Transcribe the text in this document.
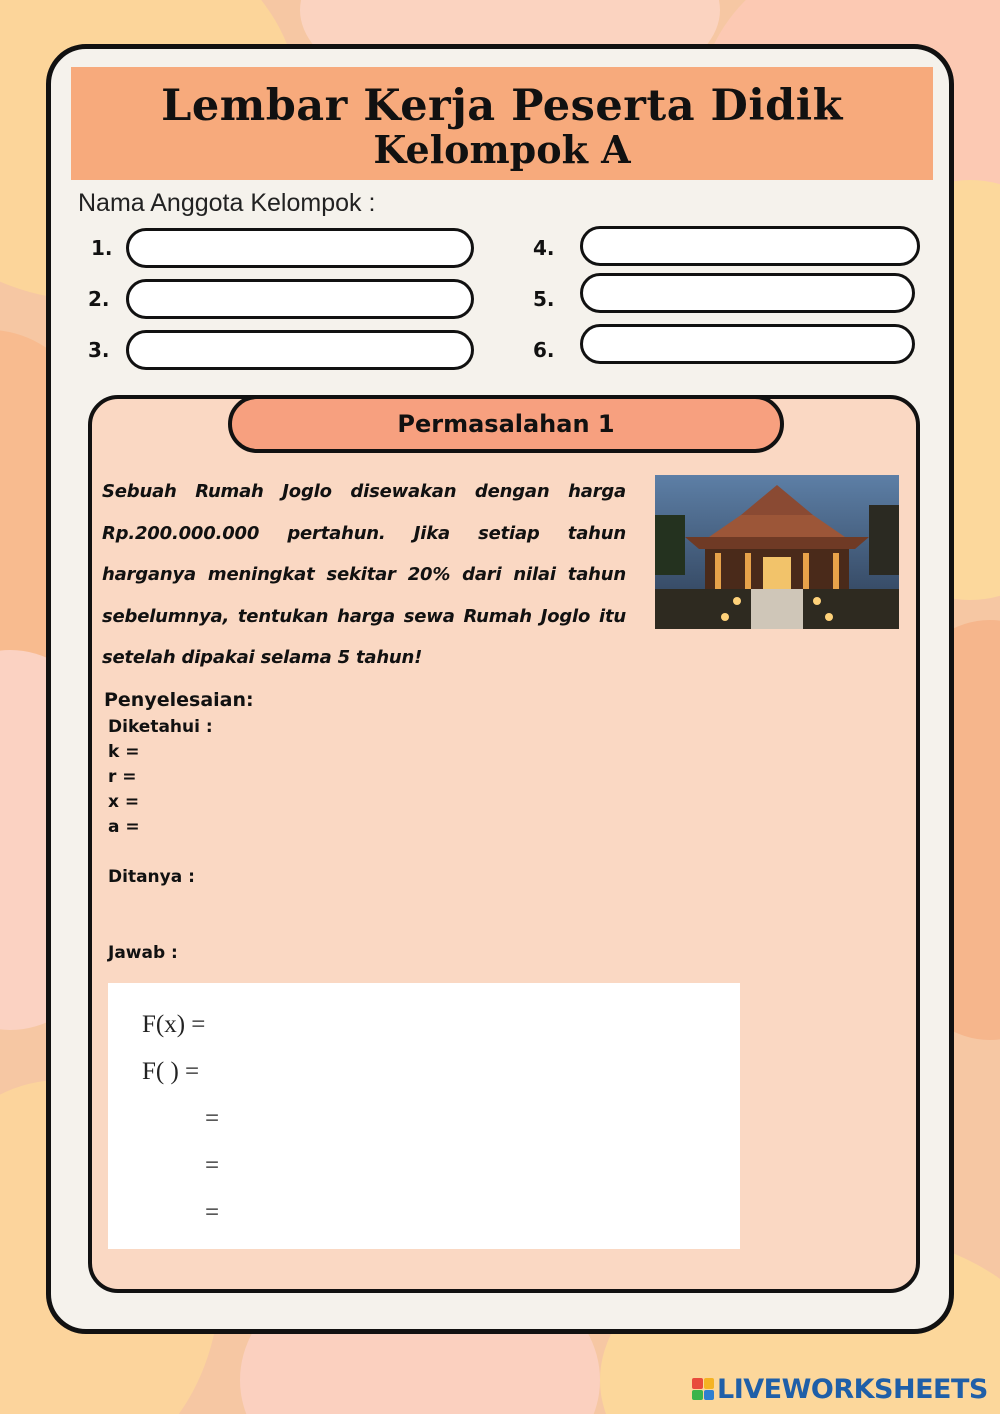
Lembar Kerja Peserta Didik
Kelompok A
Nama Anggota Kelompok :
1.
2.
3.
4.
5.
6.
Permasalahan 1
Sebuah Rumah Joglo disewakan dengan harga Rp.200.000.000 pertahun. Jika setiap tahun harganya meningkat sekitar 20% dari nilai tahun sebelumnya, tentukan harga sewa Rumah Joglo itu setelah dipakai selama 5 tahun!
Penyelesaian:
Diketahui :
k =
r =
x =
a =
Ditanya :
Jawab :
F(x) =
F( ) =
=
=
=
LIVEWORKSHEETS
